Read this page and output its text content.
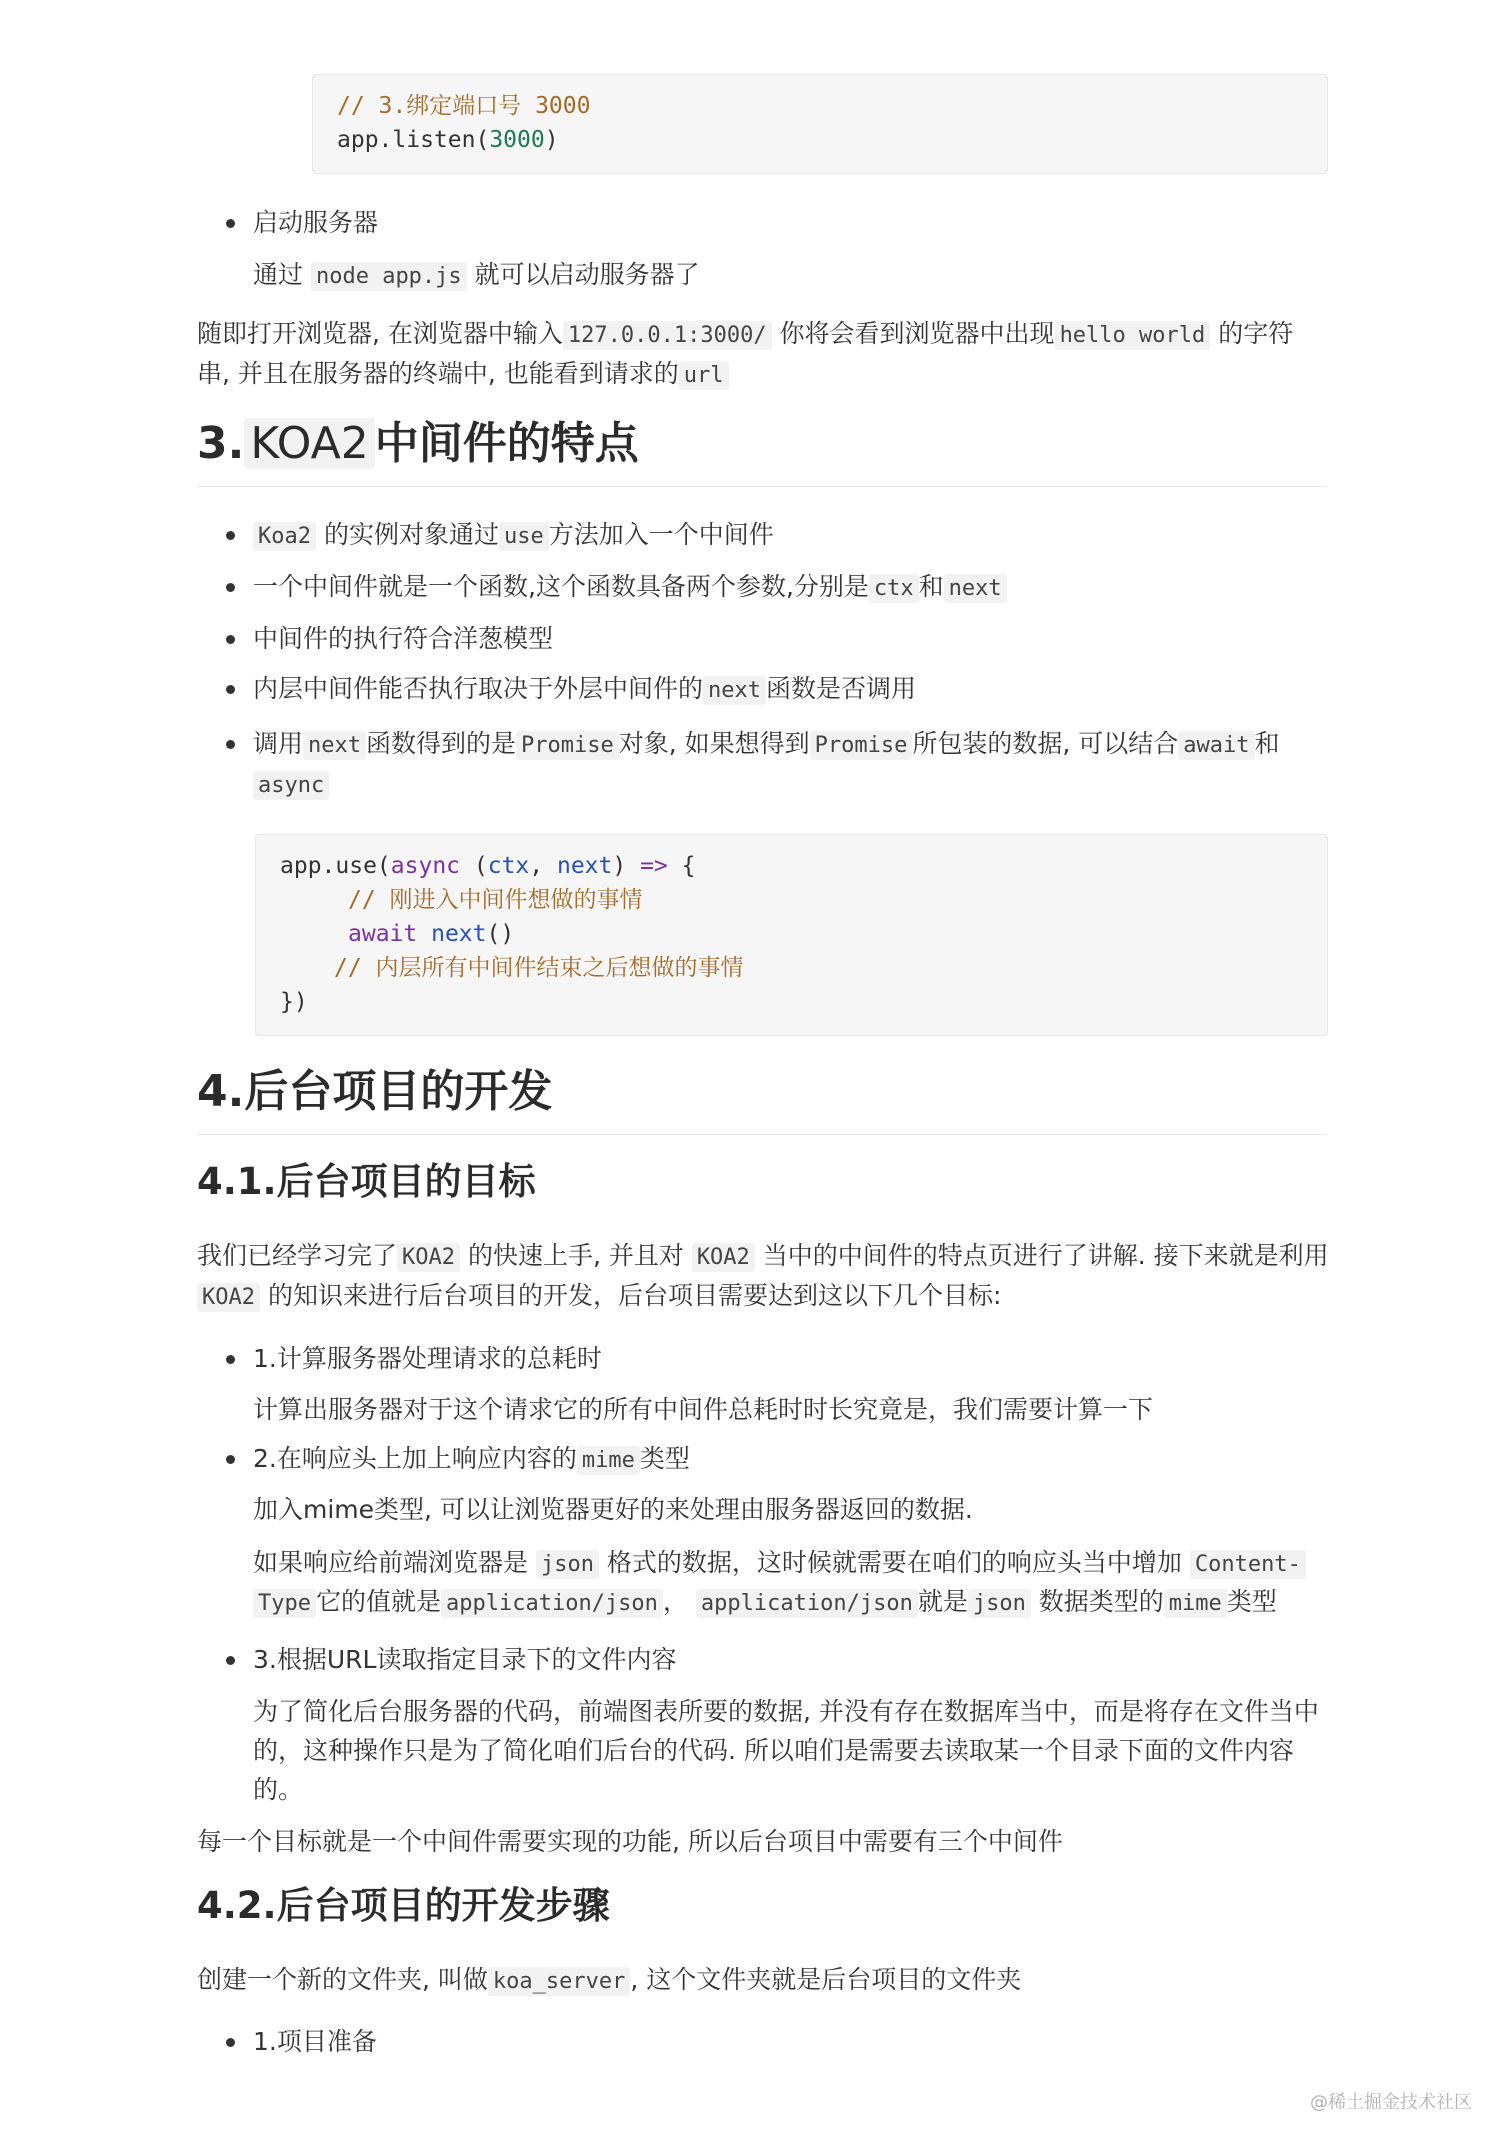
// 3.绑定端口号 3000
app.listen(3000)

启动服务器

通过 node app.js 就可以启动服务器了

随即打开浏览器, 在浏览器中输入 127.0.0.1:3000/ 你将会看到浏览器中出现 hello world 的字符

串, 并且在服务器的终端中, 也能看到请求的 url

3. KOA2 中间件的特点

Koa2 的实例对象通过 use 方法加入一个中间件

一个中间件就是一个函数,这个函数具备两个参数,分别是 ctx 和 next

中间件的执行符合洋葱模型

内层中间件能否执行取决于外层中间件的 next 函数是否调用

调用 next 函数得到的是 Promise 对象, 如果想得到 Promise 所包装的数据, 可以结合 await 和

async

app.use(async (ctx, next) => {
// 刚进入中间件想做的事情
await next()
// 内层所有中间件结束之后想做的事情
})
4.后台项目的开发
4.1.后台项目的目标

我们已经学习完了 KOA2 的快速上手, 并且对 KOA2 当中的中间件的特点页进行了讲解. 接下来就是利用

KOA2 的知识来进行后台项目的开发，后台项目需要达到这以下几个目标:

1.计算服务器处理请求的总耗时

计算出服务器对于这个请求它的所有中间件总耗时时长究竟是，我们需要计算一下

2.在响应头上加上响应内容的 mime 类型

加入mime类型, 可以让浏览器更好的来处理由服务器返回的数据.

如果响应给前端浏览器是 json 格式的数据，这时候就需要在咱们的响应头当中增加 Content-

Type 它的值就是 application/json ， application/json 就是 json 数据类型的 mime 类型

3.根据URL读取指定目录下的文件内容

为了简化后台服务器的代码，前端图表所要的数据, 并没有存在数据库当中，而是将存在文件当中

的，这种操作只是为了简化咱们后台的代码. 所以咱们是需要去读取某一个目录下面的文件内容

的。

每一个目标就是一个中间件需要实现的功能, 所以后台项目中需要有三个中间件

4.2.后台项目的开发步骤

创建一个新的文件夹, 叫做 koa_server , 这个文件夹就是后台项目的文件夹

1.项目准备

@稀土掘金技术社区
